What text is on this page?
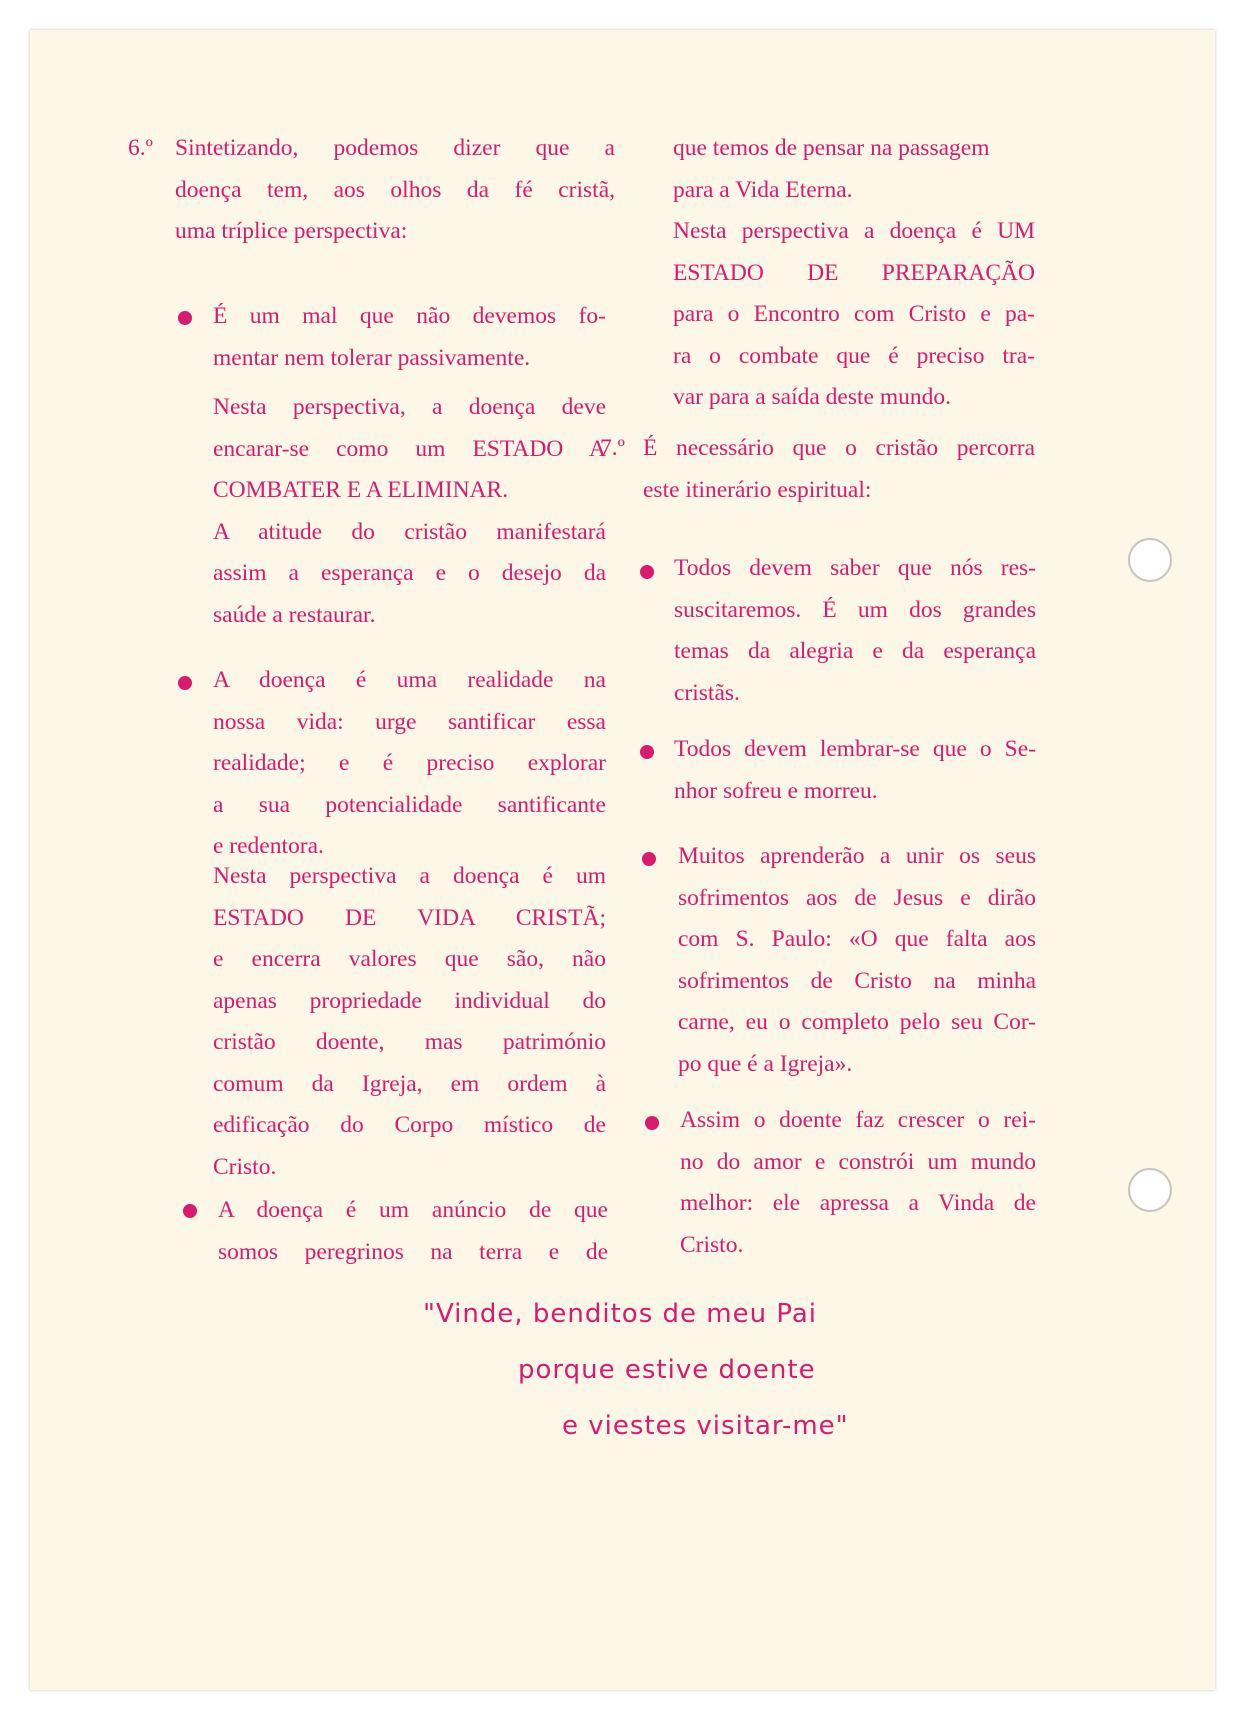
6.º Sintetizando, podemos dizer que a

doença tem, aos olhos da fé cristã,

uma tríplice perspectiva:

É um mal que não devemos fo-

mentar nem tolerar passivamente.

Nesta perspectiva, a doença deve

encarar-se como um ESTADO A

COMBATER E A ELIMINAR.

A atitude do cristão manifestará

assim a esperança e o desejo da

saúde a restaurar.

A doença é uma realidade na

nossa vida: urge santificar essa

realidade; e é preciso explorar

a sua potencialidade santificante

e redentora.

Nesta perspectiva a doença é um

ESTADO DE VIDA CRISTÃ;

e encerra valores que são, não

apenas propriedade individual do

cristão doente, mas património

comum da Igreja, em ordem à

edificação do Corpo místico de

Cristo.

A doença é um anúncio de que

somos peregrinos na terra e de

que temos de pensar na passagem

para a Vida Eterna.

Nesta perspectiva a doença é UM

ESTADO DE PREPARAÇÃO

para o Encontro com Cristo e pa-

ra o combate que é preciso tra-

var para a saída deste mundo.

7.º É necessário que o cristão percorra

este itinerário espiritual:

Todos devem saber que nós res-

suscitaremos. É um dos grandes

temas da alegria e da esperança

cristãs.

Todos devem lembrar-se que o Se-

nhor sofreu e morreu.

Muitos aprenderão a unir os seus

sofrimentos aos de Jesus e dirão

com S. Paulo: «O que falta aos

sofrimentos de Cristo na minha

carne, eu o completo pelo seu Cor-

po que é a Igreja».

Assim o doente faz crescer o rei-

no do amor e constrói um mundo

melhor: ele apressa a Vinda de

Cristo.

"Vinde, benditos de meu Pai
porque estive doente
e viestes visitar-me"
